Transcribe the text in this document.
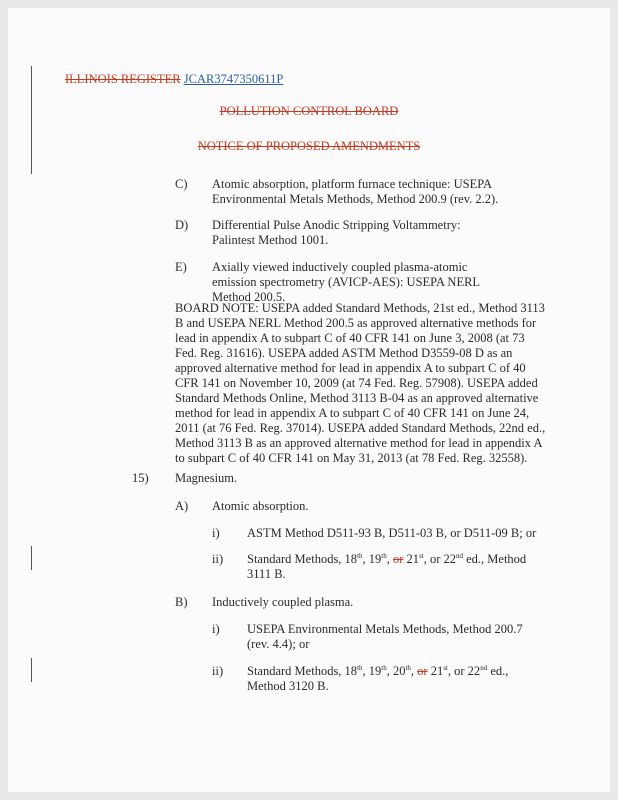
ILLINOIS REGISTER JCAR3747350611P
POLLUTION CONTROL BOARD
NOTICE OF PROPOSED AMENDMENTS
C) Atomic absorption, platform furnace technique: USEPA Environmental Metals Methods, Method 200.9 (rev. 2.2).
D) Differential Pulse Anodic Stripping Voltammetry: Palintest Method 1001.
E) Axially viewed inductively coupled plasma-atomic emission spectrometry (AVICP-AES): USEPA NERL Method 200.5.
BOARD NOTE: USEPA added Standard Methods, 21st ed., Method 3113
B and USEPA NERL Method 200.5 as approved alternative methods for
lead in appendix A to subpart C of 40 CFR 141 on June 3, 2008 (at 73
Fed. Reg. 31616). USEPA added ASTM Method D3559-08 D as an
approved alternative method for lead in appendix A to subpart C of 40
CFR 141 on November 10, 2009 (at 74 Fed. Reg. 57908). USEPA added
Standard Methods Online, Method 3113 B-04 as an approved alternative
method for lead in appendix A to subpart C of 40 CFR 141 on June 24,
2011 (at 76 Fed. Reg. 37014). USEPA added Standard Methods, 22nd ed.,
Method 3113 B as an approved alternative method for lead in appendix A
to subpart C of 40 CFR 141 on May 31, 2013 (at 78 Fed. Reg. 32558).
15) Magnesium.
A) Atomic absorption.
i) ASTM Method D511-93 B, D511-03 B, or D511-09 B; or
ii) Standard Methods, 18th, 19th, or 21st, or 22nd ed., Method
3111 B.
B) Inductively coupled plasma.
i) USEPA Environmental Metals Methods, Method 200.7
(rev. 4.4); or
ii) Standard Methods, 18th, 19th, 20th, or 21st, or 22nd ed.,
Method 3120 B.
